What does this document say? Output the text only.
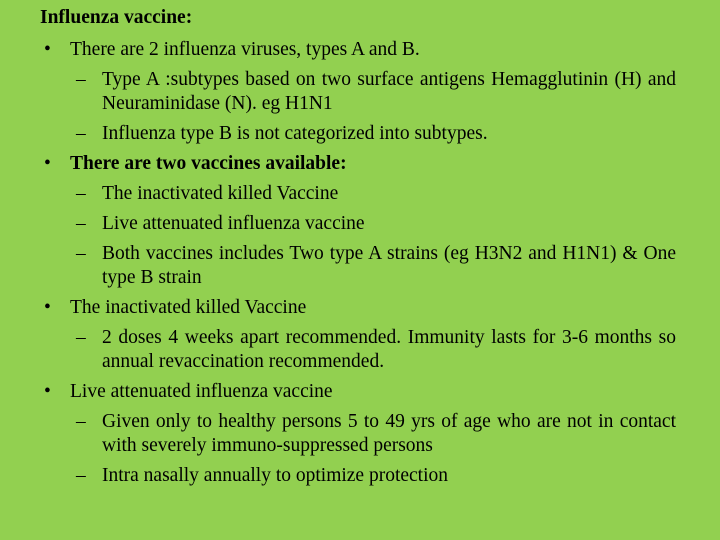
Influenza vaccine:
• There are 2 influenza viruses, types A and B.
– Type A :subtypes based on two surface antigens Hemagglutinin (H) and Neuraminidase (N). eg H1N1
– Influenza type B is not categorized into subtypes.
• There are two vaccines available:
– The inactivated killed Vaccine
– Live attenuated influenza vaccine
– Both vaccines includes Two type A strains (eg H3N2 and H1N1) & One type B strain
• The inactivated killed Vaccine
– 2 doses 4 weeks apart recommended. Immunity lasts for 3-6 months so annual revaccination recommended.
• Live attenuated influenza vaccine
– Given only to healthy persons 5 to 49 yrs of age who are not in contact with severely immuno-suppressed persons
– Intra nasally annually to optimize protection
